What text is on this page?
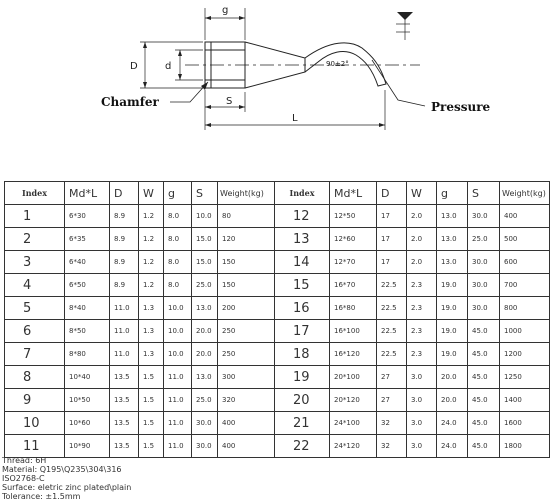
g
D	d
S
L
90±2°
Chamfer	Pressure
Index	Md*L	D	W	g	S	Weight(kg)	Index	Md*L	D	W	g	S	Weight(kg)
1	6*30	8.9	1.2	8.0	10.0	80	12	12*50	17	2.0	13.0	30.0	400
2	6*35	8.9	1.2	8.0	15.0	120	13	12*60	17	2.0	13.0	25.0	500
3	6*40	8.9	1.2	8.0	15.0	150	14	12*70	17	2.0	13.0	30.0	600
4	6*50	8.9	1.2	8.0	25.0	150	15	16*70	22.5	2.3	19.0	30.0	700
5	8*40	11.0	1.3	10.0	13.0	200	16	16*80	22.5	2.3	19.0	30.0	800
6	8*50	11.0	1.3	10.0	20.0	250	17	16*100	22.5	2.3	19.0	45.0	1000
7	8*80	11.0	1.3	10.0	20.0	250	18	16*120	22.5	2.3	19.0	45.0	1200
8	10*40	13.5	1.5	11.0	13.0	300	19	20*100	27	3.0	20.0	45.0	1250
9	10*50	13.5	1.5	11.0	25.0	320	20	20*120	27	3.0	20.0	45.0	1400
10	10*60	13.5	1.5	11.0	30.0	400	21	24*100	32	3.0	24.0	45.0	1600
11	10*90	13.5	1.5	11.0	30.0	400	22	24*120	32	3.0	24.0	45.0	1800
Thread: 6H
Material: Q195\Q235\304\316
ISO2768-C
Surface: eletric zinc plated\plain
Tolerance: ±1.5mm
